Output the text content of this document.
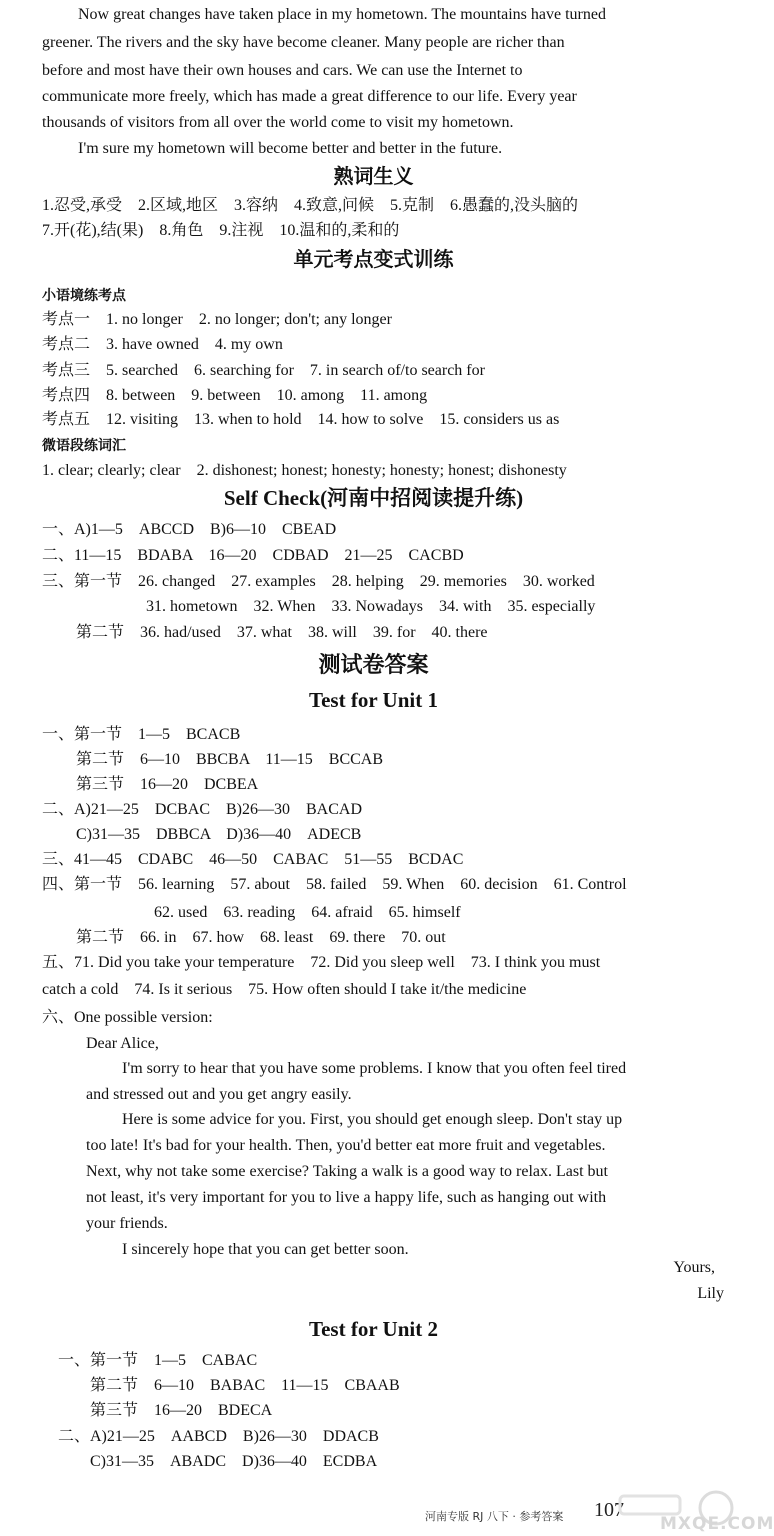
Now great changes have taken place in my hometown. The mountains have turned
greener. The rivers and the sky have become cleaner. Many people are richer than
before and most have their own houses and cars. We can use the Internet to
communicate more freely, which has made a great difference to our life. Every year
thousands of visitors from all over the world come to visit my hometown.
I'm sure my hometown will become better and better in the future.
熟词生义
1.忍受,承受　2.区域,地区　3.容纳　4.致意,问候　5.克制　6.愚蠢的,没头脑的
7.开(花),结(果)　8.角色　9.注视　10.温和的,柔和的
单元考点变式训练
小语境练考点
考点一　1. no longer　2. no longer; don't; any longer
考点二　3. have owned　4. my own
考点三　5. searched　6. searching for　7. in search of/to search for
考点四　8. between　9. between　10. among　11. among
考点五　12. visiting　13. when to hold　14. how to solve　15. considers us as
微语段练词汇
1. clear; clearly; clear　2. dishonest; honest; honesty; honesty; honest; dishonesty
Self Check(河南中招阅读提升练)
一、A)1—5　ABCCD　B)6—10　CBEAD
二、11—15　BDABA　16—20　CDBAD　21—25　CACBD
三、第一节　26. changed　27. examples　28. helping　29. memories　30. worked
31. hometown　32. When　33. Nowadays　34. with　35. especially
第二节　36. had/used　37. what　38. will　39. for　40. there
测试卷答案
Test for Unit 1
一、第一节　1—5　BCACB
第二节　6—10　BBCBA　11—15　BCCAB
第三节　16—20　DCBEA
二、A)21—25　DCBAC　B)26—30　BACAD
C)31—35　DBBCA　D)36—40　ADECB
三、41—45　CDABC　46—50　CABAC　51—55　BCDAC
四、第一节　56. learning　57. about　58. failed　59. When　60. decision　61. Control
62. used　63. reading　64. afraid　65. himself
第二节　66. in　67. how　68. least　69. there　70. out
五、71. Did you take your temperature　72. Did you sleep well　73. I think you must
catch a cold　74. Is it serious　75. How often should I take it/the medicine
六、One possible version:
Dear Alice,
I'm sorry to hear that you have some problems. I know that you often feel tired
and stressed out and you get angry easily.
Here is some advice for you. First, you should get enough sleep. Don't stay up
too late! It's bad for your health. Then, you'd better eat more fruit and vegetables.
Next, why not take some exercise? Taking a walk is a good way to relax. Last but
not least, it's very important for you to live a happy life, such as hanging out with
your friends.
I sincerely hope that you can get better soon.
Yours,
Lily
Test for Unit 2
一、第一节　1—5　CABAC
第二节　6—10　BABAC　11—15　CBAAB
第三节　16—20　BDECA
二、A)21—25　AABCD　B)26—30　DDACB
C)31—35　ABADC　D)36—40　ECDBA
河南专版 RJ 八下 · 参考答案 107
MXQE.COM
